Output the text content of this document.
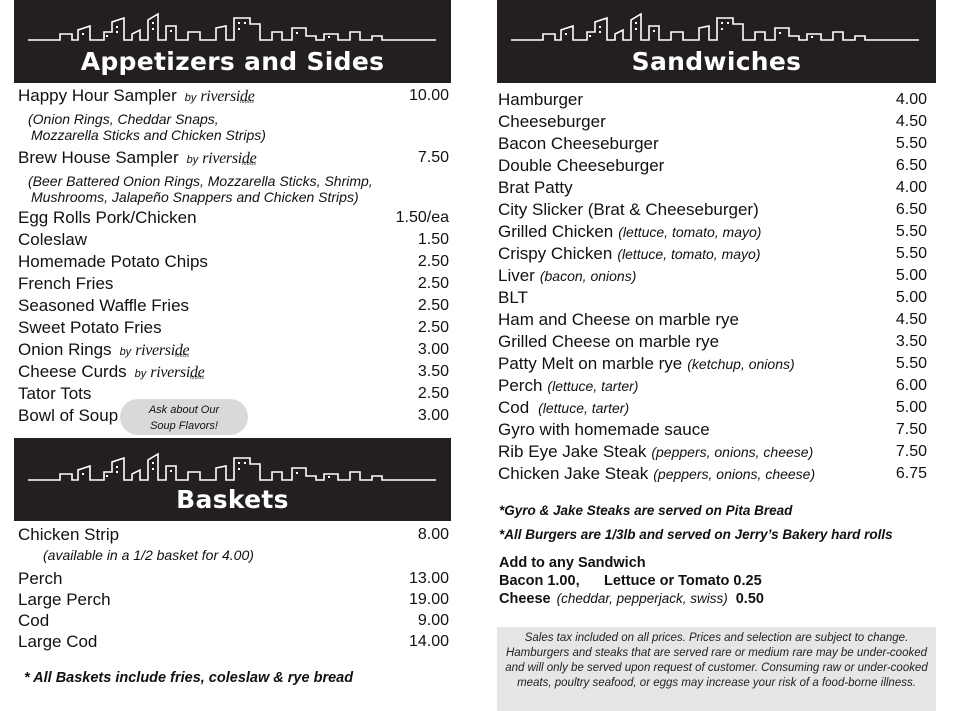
Appetizers and Sides	Sandwiches
Baskets
Happy Hour Sampler by riverside foods	10.00
Brew House Sampler by riverside foods	7.50
Egg Rolls Pork/Chicken	1.50/ea
Coleslaw	1.50
Homemade Potato Chips	2.50
French Fries	2.50
Seasoned Waffle Fries	2.50
Sweet Potato Fries	2.50
Onion Rings by riverside foods	3.00
Cheese Curds by riverside foods	3.50
Tator Tots	2.50
Bowl of Soup	3.00
(Onion Rings, Cheddar Snaps,
Mozzarella Sticks and Chicken Strips)
(Beer Battered Onion Rings, Mozzarella Sticks, Shrimp,
Mushrooms, Jalapeño Snappers and Chicken Strips)
Ask about Our
Soup Flavors!
Chicken Strip	8.00
Perch	13.00
Large Perch	19.00
Cod	9.00
Large Cod	14.00
(available in a 1/2 basket for 4.00)
* All Baskets include fries, coleslaw & rye bread
Hamburger	4.00
Cheeseburger	4.50
Bacon Cheeseburger	5.50
Double Cheeseburger	6.50
Brat Patty	4.00
City Slicker (Brat & Cheeseburger)	6.50
Grilled Chicken (lettuce, tomato, mayo)	5.50
Crispy Chicken (lettuce, tomato, mayo)	5.50
Liver (bacon, onions)	5.00
BLT	5.00
Ham and Cheese on marble rye	4.50
Grilled Cheese on marble rye	3.50
Patty Melt on marble rye (ketchup, onions)	5.50
Perch (lettuce, tarter)	6.00
Cod (lettuce, tarter)	5.00
Gyro with homemade sauce	7.50
Rib Eye Jake Steak (peppers, onions, cheese)	7.50
Chicken Jake Steak (peppers, onions, cheese)	6.75
*Gyro & Jake Steaks are served on Pita Bread
*All Burgers are 1/3lb and served on Jerry’s Bakery hard rolls
Add to any Sandwich
Bacon 1.00, Lettuce or Tomato 0.25
Cheese (cheddar, pepperjack, swiss) 0.50

Sales tax included on all prices. Prices and selection are subject to change. Hamburgers and steaks that are served rare or medium rare may be under-cooked and will only be served upon request of customer. Consuming raw or under-cooked meats, poultry seafood, or eggs may increase your risk of a food-borne illness.
